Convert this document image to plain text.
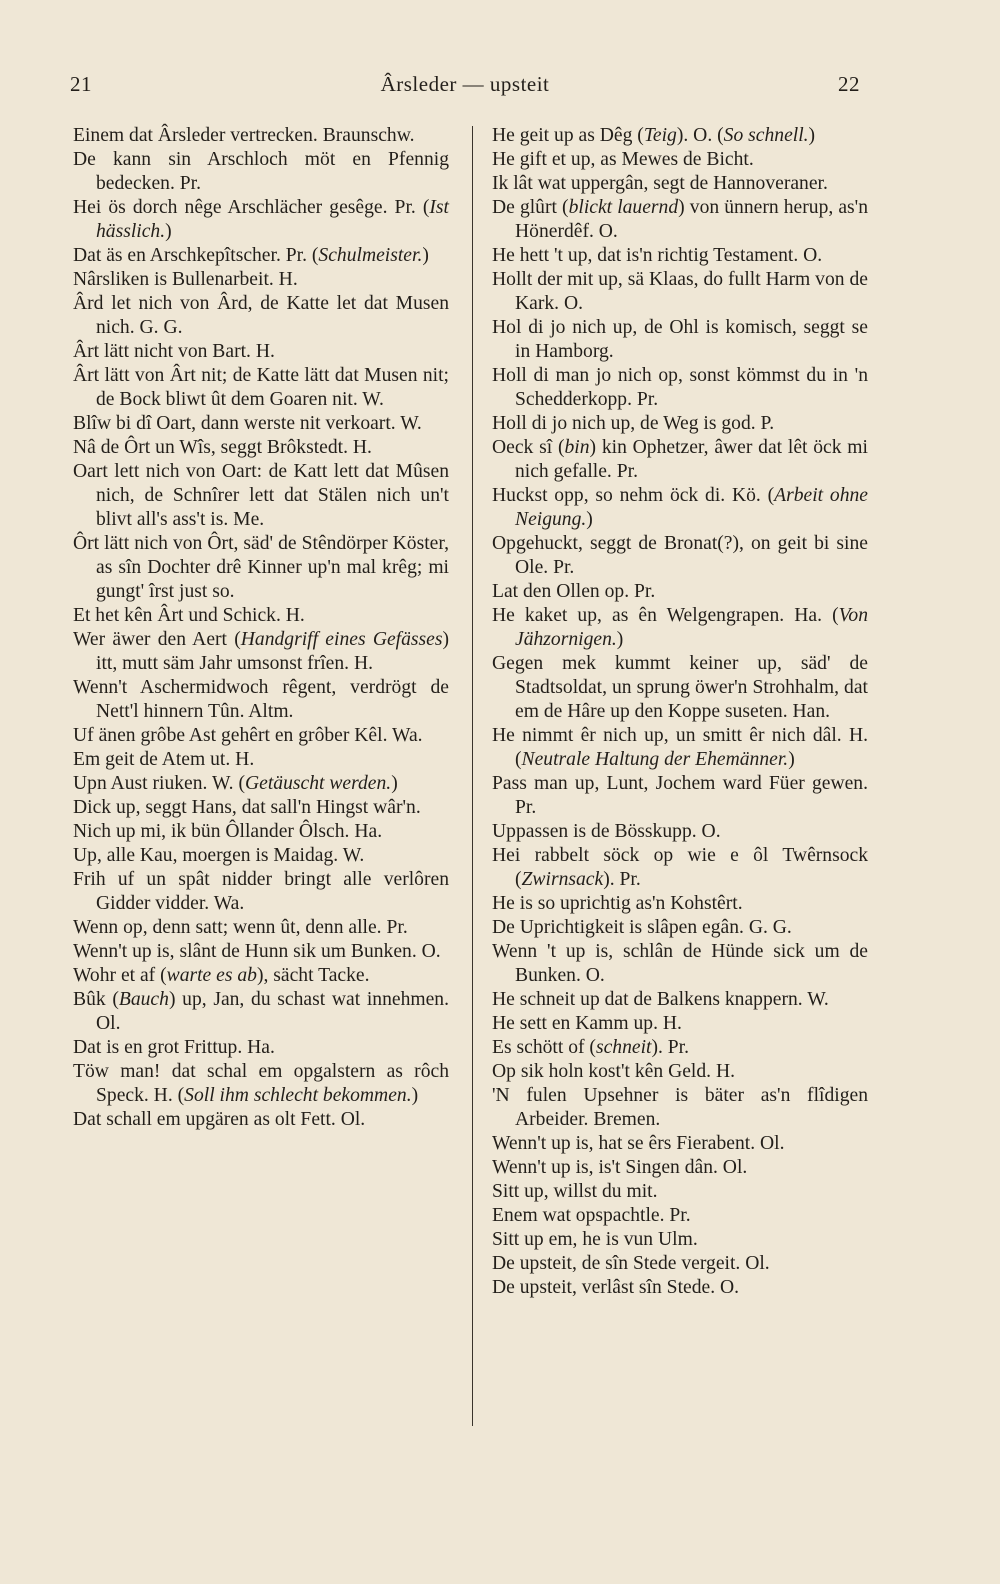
21	Ârsleder — upsteit	22
Einem dat Ârsleder vertrecken. Braunschw.
De kann sin Arschloch möt en Pfennig bedecken. Pr.
Hei ös dorch nêge Arschlächer gesêge. Pr. (Ist hässlich.)
Dat äs en Arschkepîtscher. Pr. (Schulmeister.)
Nârsliken is Bullenarbeit. H.
Ârd let nich von Ârd, de Katte let dat Musen nich. G. G.
Ârt lätt nicht von Bart. H.
Ârt lätt von Ârt nit; de Katte lätt dat Musen nit; de Bock bliwt ût dem Goaren nit. W.
Blîw bi dî Oart, dann werste nit verkoart. W.
Nâ de Ôrt un Wîs, seggt Brôkstedt. H.
Oart lett nich von Oart: de Katt lett dat Mûsen nich, de Schnîrer lett dat Stälen nich un't blivt all's ass't is. Me.
Ôrt lätt nich von Ôrt, säd' de Stêndörper Köster, as sîn Dochter drê Kinner up'n mal krêg; mi gungt' îrst just so.
Et het kên Ârt und Schick. H.
Wer äwer den Aert (Handgriff eines Gefässes) itt, mutt säm Jahr umsonst frîen. H.
Wenn't Aschermidwoch rêgent, verdrögt de Nett'l hinnern Tûn. Altm.
Uf änen grôbe Ast gehêrt en grôber Kêl. Wa.
Em geit de Atem ut. H.
Upn Aust riuken. W. (Getäuscht werden.)
Dick up, seggt Hans, dat sall'n Hingst wâr'n.
Nich up mi, ik bün Ôllander Ôlsch. Ha.
Up, alle Kau, moergen is Maidag. W.
Frih uf un spât nidder bringt alle verlôren Gidder vidder. Wa.
Wenn op, denn satt; wenn ût, denn alle. Pr.
Wenn't up is, slânt de Hunn sik um Bunken. O.
Wohr et af (warte es ab), sächt Tacke.
Bûk (Bauch) up, Jan, du schast wat innehmen. Ol.
Dat is en grot Frittup. Ha.
Töw man! dat schal em opgalstern as rôch Speck. H. (Soll ihm schlecht bekommen.)
Dat schall em upgären as olt Fett. Ol.
He geit up as Dêg (Teig). O. (So schnell.)
He gift et up, as Mewes de Bicht.
Ik lât wat uppergân, segt de Hannoveraner.
De glûrt (blickt lauernd) von ünnern herup, as'n Hönerdêf. O.
He hett 't up, dat is'n richtig Testament. O.
Hollt der mit up, sä Klaas, do fullt Harm von de Kark. O.
Hol di jo nich up, de Ohl is komisch, seggt se in Hamborg.
Holl di man jo nich op, sonst kömmst du in 'n Schedderkopp. Pr.
Holl di jo nich up, de Weg is god. P.
Oeck sî (bin) kin Ophetzer, âwer dat lêt öck mi nich gefalle. Pr.
Huckst opp, so nehm öck di. Kö. (Arbeit ohne Neigung.)
Opgehuckt, seggt de Bronat(?), on geit bi sine Ole. Pr.
Lat den Ollen op. Pr.
He kaket up, as ên Welgengrapen. Ha. (Von Jähzornigen.)
Gegen mek kummt keiner up, säd' de Stadtsoldat, un sprung öwer'n Strohhalm, dat em de Hâre up den Koppe suseten. Han.
He nimmt êr nich up, un smitt êr nich dâl. H. (Neutrale Haltung der Ehemänner.)
Pass man up, Lunt, Jochem ward Füer gewen. Pr.
Uppassen is de Bösskupp. O.
Hei rabbelt söck op wie e ôl Twêrnsock (Zwirnsack). Pr.
He is so uprichtig as'n Kohstêrt.
De Uprichtigkeit is slâpen egân. G. G.
Wenn 't up is, schlân de Hünde sick um de Bunken. O.
He schneit up dat de Balkens knappern. W.
He sett en Kamm up. H.
Es schött of (schneit). Pr.
Op sik holn kost't kên Geld. H.
'N fulen Upsehner is bäter as'n flîdigen Arbeider. Bremen.
Wenn't up is, hat se êrs Fierabent. Ol.
Wenn't up is, is't Singen dân. Ol.
Sitt up, willst du mit.
Enem wat opspachtle. Pr.
Sitt up em, he is vun Ulm.
De upsteit, de sîn Stede vergeit. Ol.
De upsteit, verlâst sîn Stede. O.
